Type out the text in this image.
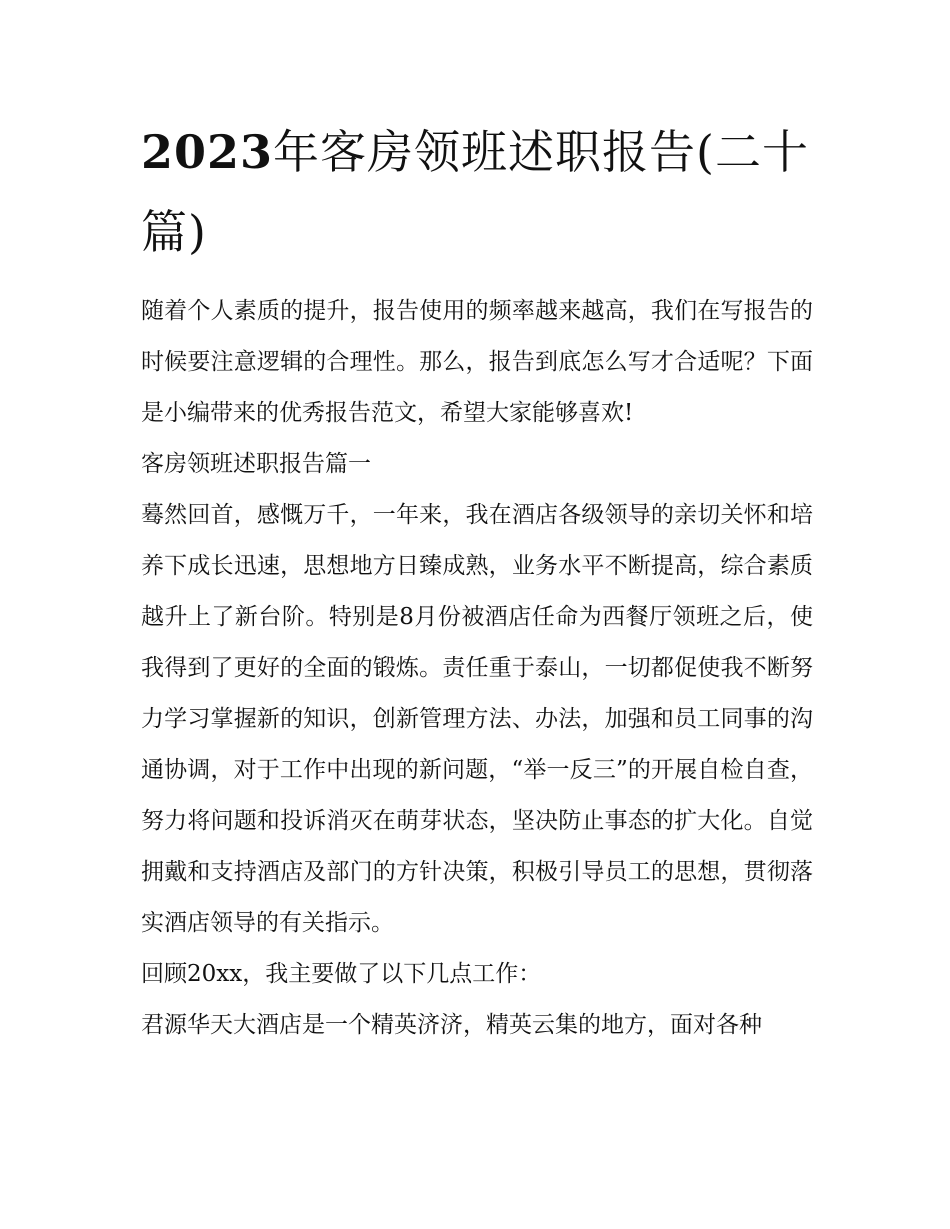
2023年客房领班述职报告(二十篇)

随着个人素质的提升，报告使用的频率越来越高，我们在写报告的时候要注意逻辑的合理性。那么，报告到底怎么写才合适呢？下面是小编带来的优秀报告范文，希望大家能够喜欢!

客房领班述职报告篇一

蓦然回首，感慨万千，一年来，我在酒店各级领导的亲切关怀和培养下成长迅速，思想地方日臻成熟，业务水平不断提高，综合素质越升上了新台阶。特别是8月份被酒店任命为西餐厅领班之后，使我得到了更好的全面的锻炼。责任重于泰山，一切都促使我不断努力学习掌握新的知识，创新管理方法、办法，加强和员工同事的沟通协调，对于工作中出现的新问题，“举一反三”的开展自检自查，努力将问题和投诉消灭在萌芽状态，坚决防止事态的扩大化。自觉拥戴和支持酒店及部门的方针决策，积极引导员工的思想，贯彻落实酒店领导的有关指示。

回顾20xx，我主要做了以下几点工作：

君源华天大酒店是一个精英济济，精英云集的地方，面对各种
